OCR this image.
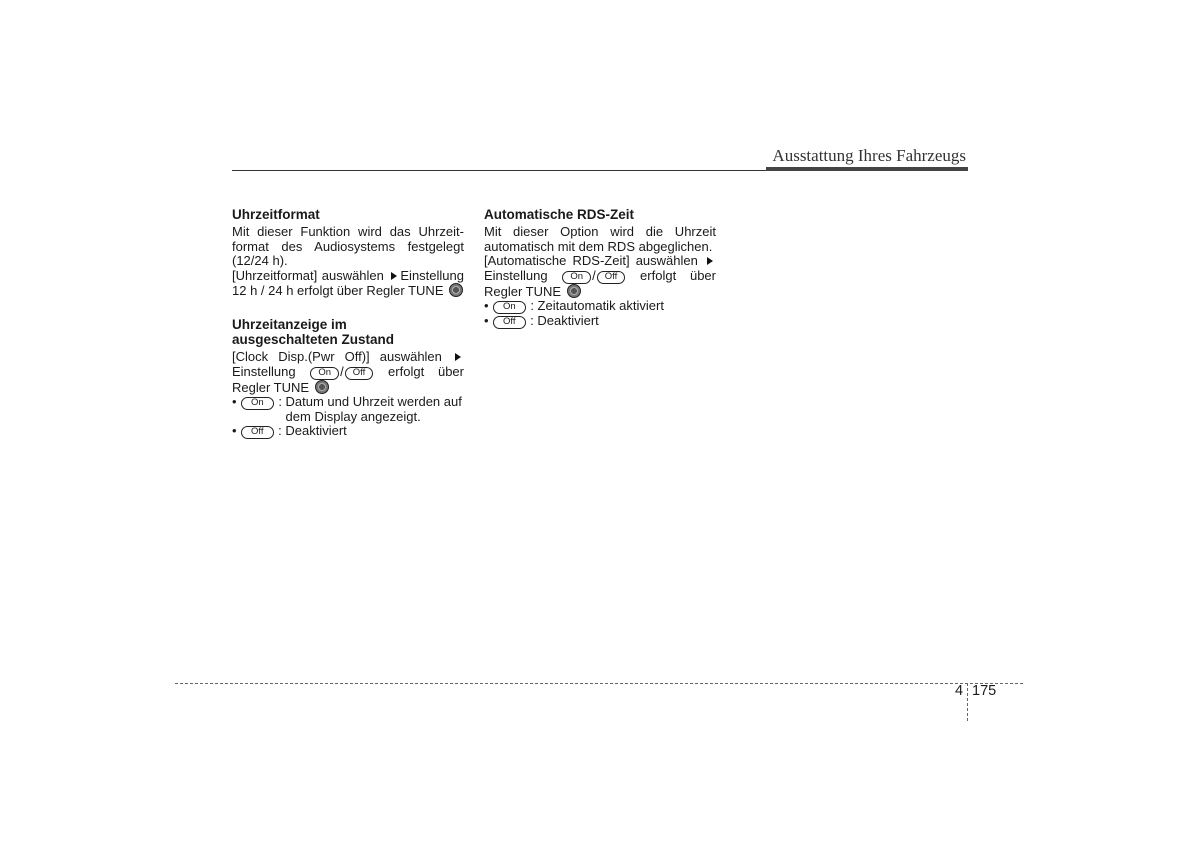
Ausstattung Ihres Fahrzeugs
Uhrzeitformat

Mit dieser Funktion wird das Uhrzeit-

format des Audiosystems festgelegt

(12/24 h).

[Uhrzeitformat] auswählen Einstellung

12 h / 24 h erfolgt über Regler TUNE

Uhrzeitanzeige im
ausgeschalteten Zustand

[Clock Disp.(Pwr Off)] auswählen

Einstellung On / Off erfolgt über

Regler TUNE

•	On	: Datum und Uhrzeit werden auf
dem Display angezeigt.
•	Off	: Deaktiviert
Automatische RDS-Zeit

Mit dieser Option wird die Uhrzeit

automatisch mit dem RDS abgeglichen.

[Automatische RDS-Zeit] auswählen

Einstellung On / Off erfolgt über

Regler TUNE

•	On	: Zeitautomatik aktiviert
•	Off	: Deaktiviert
4 175
